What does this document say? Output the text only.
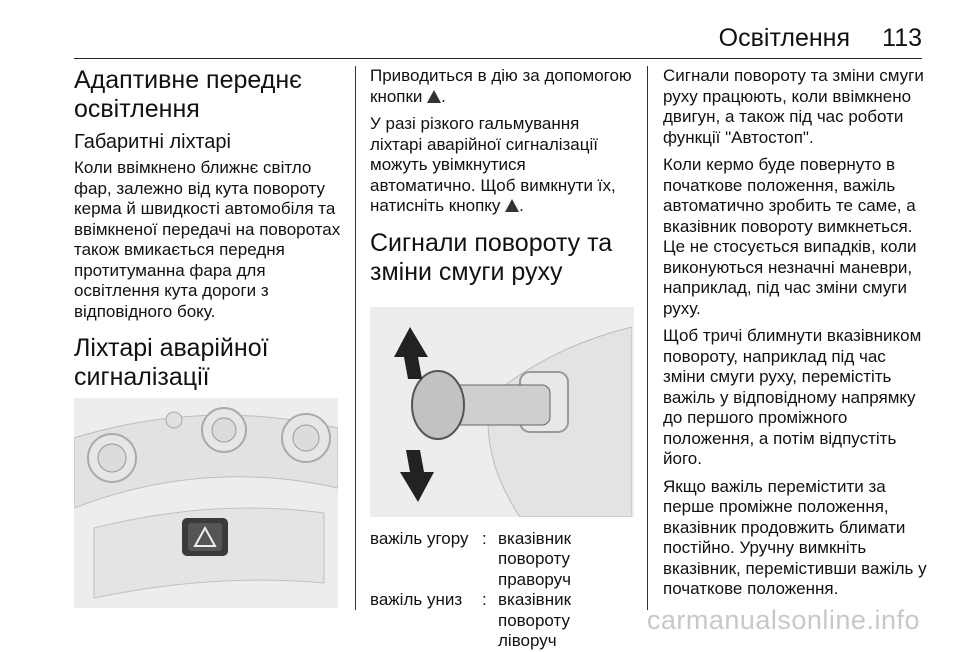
Освітлення 113
Адаптивне переднє освітлення
Габаритні ліхтарі

Коли ввімкнено ближнє світло фар, залежно від кута повороту керма й швидкості автомобіля та ввімкненої передачі на поворотах також вмикається передня протитуманна фара для освітлення кута дороги з відповідного боку.

Ліхтарі аварійної сигналізації

Приводиться в дію за допомогою кнопки .

У разі різкого гальмування ліхтарі аварійної сигналізації можуть увімкнутися автоматично. Щоб вимкнути їх, натисніть кнопку .

Сигнали повороту та зміни смуги руху
важіль угору : вказівник повороту праворуч
важіль униз	: вказівник повороту ліворуч

Сигнали повороту та зміни смуги руху працюють, коли ввімкнено двигун, а також під час роботи функції "Автостоп".

Коли кермо буде повернуто в початкове положення, важіль автоматично зробить те саме, а вказівник повороту вимкнеться. Це не стосується випадків, коли виконуються незначні маневри, наприклад, під час зміни смуги руху.

Щоб тричі блимнути вказівником повороту, наприклад під час зміни смуги руху, перемістіть важіль у відповідному напрямку до першого проміжного положення, а потім відпустіть його.

Якщо важіль перемістити за перше проміжне положення, вказівник продовжить блимати постійно. Уручну вимкніть вказівник, перемістивши важіль у початкове положення.

carmanualsonline.info
